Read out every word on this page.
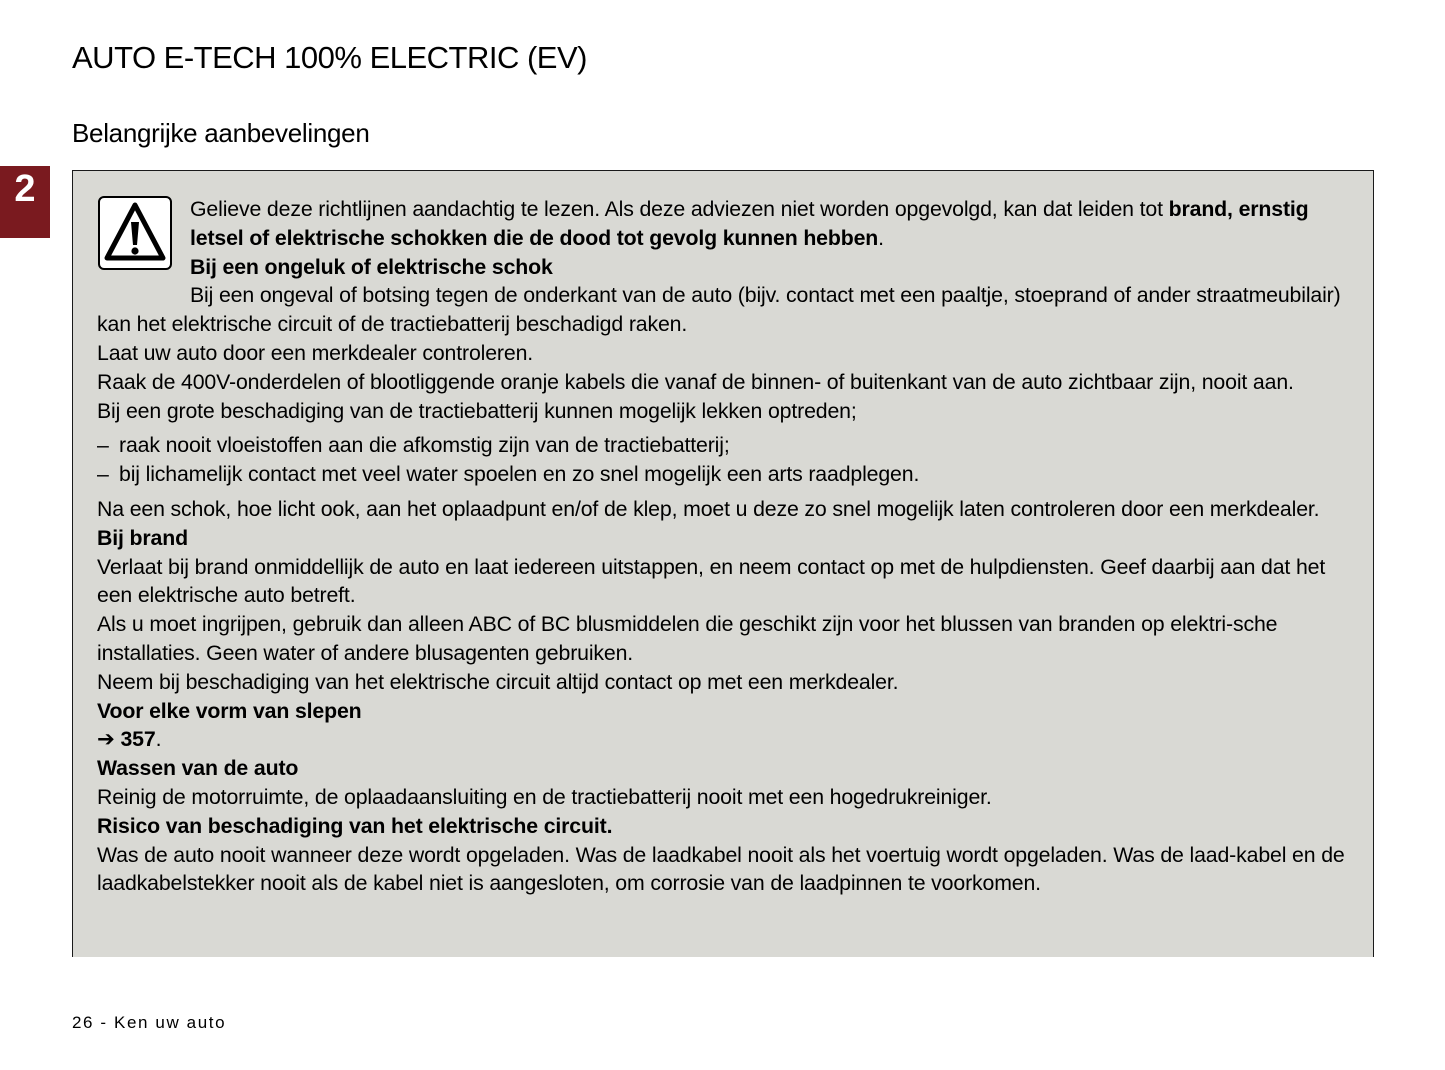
AUTO E-TECH 100% ELECTRIC (EV)
Belangrijke aanbevelingen
2	Gelieve deze richtlijnen aandachtig te lezen. Als deze adviezen niet worden opgevolgd, kan dat leiden tot brand, ernstig letsel of elektrische schokken die de dood tot gevolg kunnen hebben.

Bij een ongeluk of elektrische schok

Bij een ongeval of botsing tegen de onderkant van de auto (bijv. contact met een paaltje, stoeprand of ander straatmeubilair) kan het elektrische circuit of de tractiebatterij beschadigd raken.

Laat uw auto door een merkdealer controleren.

Raak de 400V-onderdelen of blootliggende oranje kabels die vanaf de binnen- of buitenkant van de auto zichtbaar zijn, nooit aan.

Bij een grote beschadiging van de tractiebatterij kunnen mogelijk lekken optreden;

– raak nooit vloeistoffen aan die afkomstig zijn van de tractiebatterij;
– bij lichamelijk contact met veel water spoelen en zo snel mogelijk een arts raadplegen.

Na een schok, hoe licht ook, aan het oplaadpunt en/of de klep, moet u deze zo snel mogelijk laten controleren door een merkdealer.

Bij brand

Verlaat bij brand onmiddellijk de auto en laat iedereen uitstappen, en neem contact op met de hulpdiensten. Geef daarbij aan dat het een elektrische auto betreft.

Als u moet ingrijpen, gebruik dan alleen ABC of BC blusmiddelen die geschikt zijn voor het blussen van branden op elektri-sche installaties. Geen water of andere blusagenten gebruiken.

Neem bij beschadiging van het elektrische circuit altijd contact op met een merkdealer.

Voor elke vorm van slepen

➔ 357.

Wassen van de auto

Reinig de motorruimte, de oplaadaansluiting en de tractiebatterij nooit met een hogedrukreiniger.

Risico van beschadiging van het elektrische circuit.

Was de auto nooit wanneer deze wordt opgeladen. Was de laadkabel nooit als het voertuig wordt opgeladen. Was de laad-kabel en de laadkabelstekker nooit als de kabel niet is aangesloten, om corrosie van de laadpinnen te voorkomen.

26 - Ken uw auto
